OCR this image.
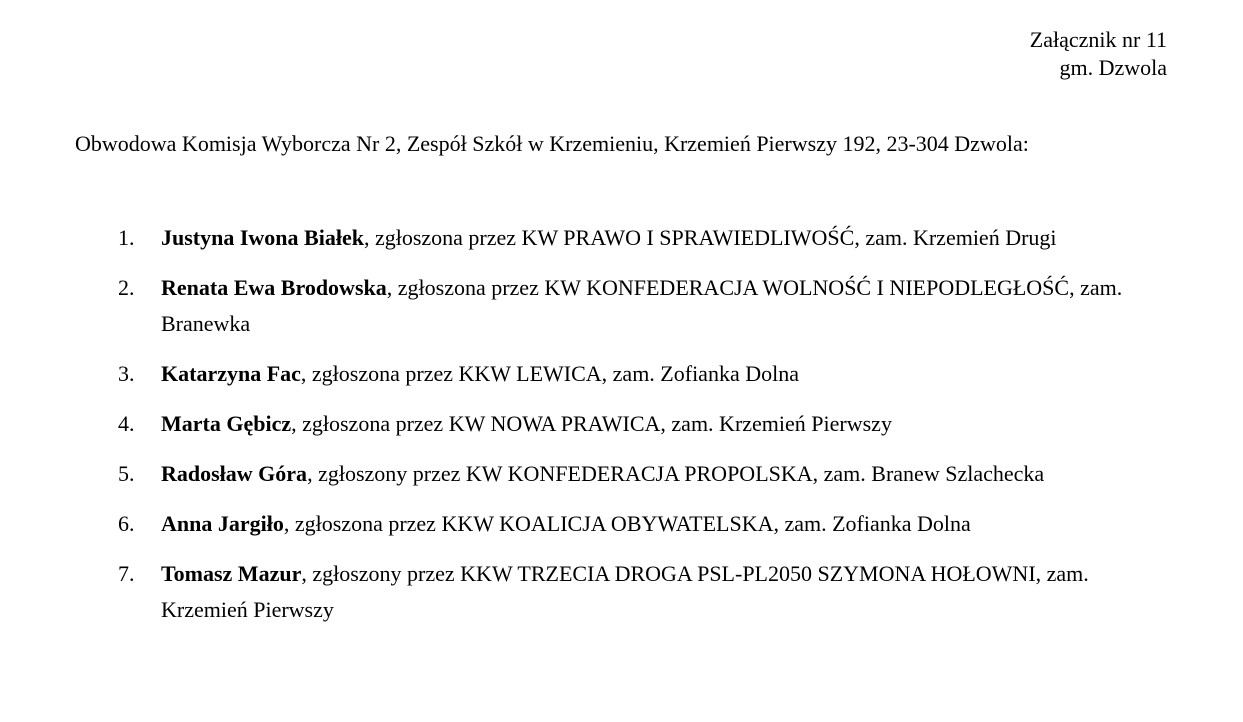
Załącznik nr 11
gm. Dzwola
Obwodowa Komisja Wyborcza Nr 2, Zespół Szkół w Krzemieniu, Krzemień Pierwszy 192, 23-304 Dzwola:
1.	Justyna Iwona Białek, zgłoszona przez KW PRAWO I SPRAWIEDLIWOŚĆ, zam. Krzemień Drugi
2.	Renata Ewa Brodowska, zgłoszona przez KW KONFEDERACJA WOLNOŚĆ I NIEPODLEGŁOŚĆ, zam. Branewka
3.	Katarzyna Fac, zgłoszona przez KKW LEWICA, zam. Zofianka Dolna
4.	Marta Gębicz, zgłoszona przez KW NOWA PRAWICA, zam. Krzemień Pierwszy
5.	Radosław Góra, zgłoszony przez KW KONFEDERACJA PROPOLSKA, zam. Branew Szlachecka
6.	Anna Jargiło, zgłoszona przez KKW KOALICJA OBYWATELSKA, zam. Zofianka Dolna
7.	Tomasz Mazur, zgłoszony przez KKW TRZECIA DROGA PSL-PL2050 SZYMONA HOŁOWNI, zam. Krzemień Pierwszy
